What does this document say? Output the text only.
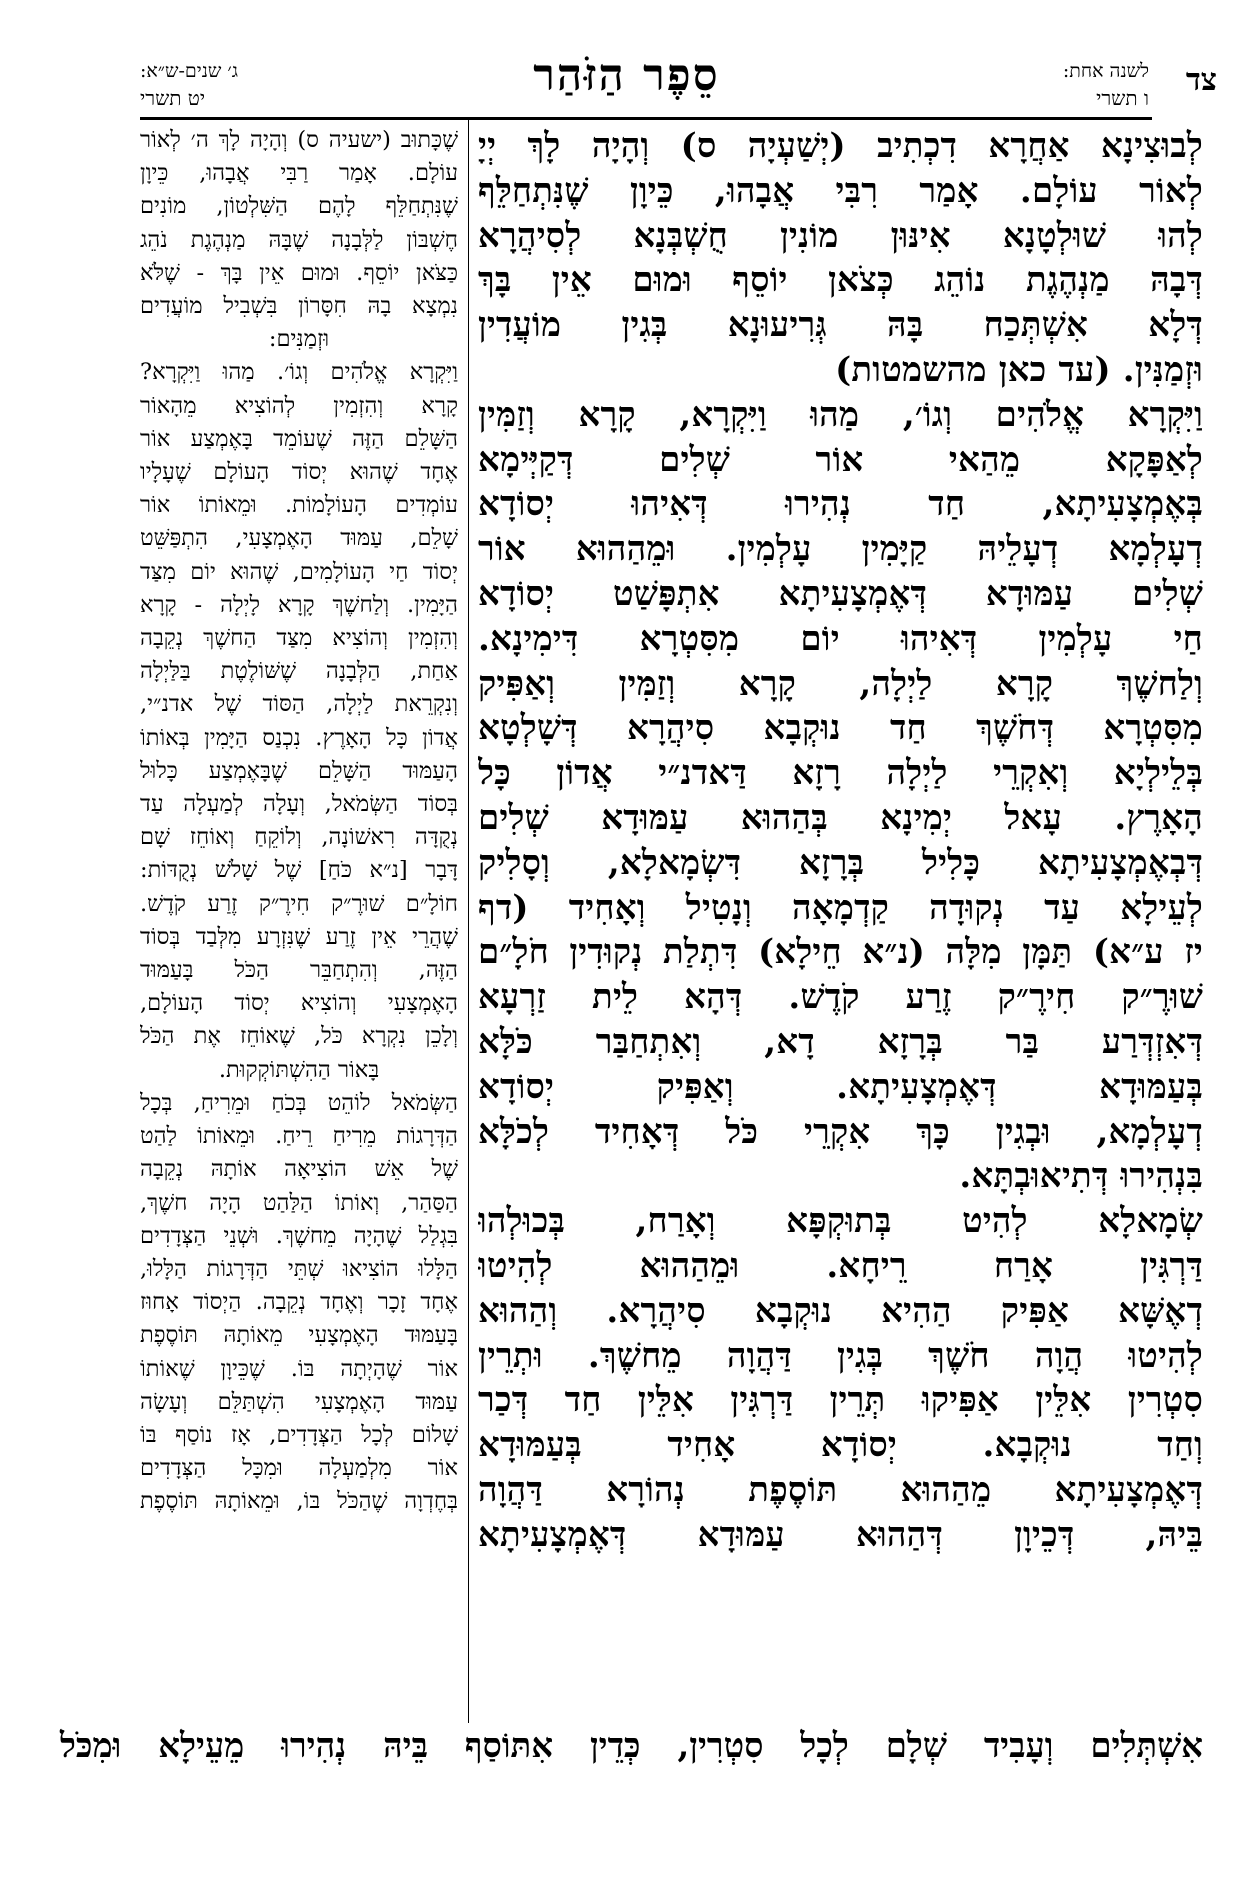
צד
לשנה אחת:
ו תשרי
סֵפֶר הַזֹּהַר
ג׳ שנים-ש״א:
יט תשרי
לְבוּצִינָא אַחֲרָא דִכְתִיב (יְשַׁעְיָה ס) וְהָיָה לָךְ יְיָ
לְאוֹר עוֹלָם. אָמַר רִבִּי אֲבָהוּ, כֵּיוָן שֶׁנִּתְחַלֵּף
לְהוּ שׁוּלְטָנָא אִינּוּן מוֹנִין חֻשְׁבְּנָא לְסִיהֲרָא
דְּבָהּ מַנְהֶגֶת נוֹהֵג כְּצֹאן יוֹסֵף וּמוּם אֵין בָּךְ
דְּלָא אִשְׁתְּכַח בָּהּ גְּרִיעוּנָא בְּגִין מוֹעֲדִין
וּזְמַנִּין. (עד כאן מהשמטות)
וַיִּקְרָא אֱלֹהִים וְגוֹ׳, מַהוּ וַיִּקְרָא, קָרָא וְזַמִּין
לְאַפָּקָא מֵהַאי אוֹר שְׁלִים דְּקַיְּימָא
בְּאֶמְצָעִיתָא, חַד נְהִירוּ דְּאִיהוּ יְסוֹדָא
דְעָלְמָא דְעָלֵיהּ קַיָּמִין עָלְמִין. וּמֵהַהוּא אוֹר
שְׁלִים עַמּוּדָא דְּאֶמְצָעִיתָא אִתְפָּשַׁט יְסוֹדָא
חַי עָלְמִין דְּאִיהוּ יוֹם מִסִּטְרָא דִּימִינָא.
וְלַחשֶׁךְ קָרָא לַיְלָה, קָרָא וְזַמִּין וְאַפִּיק
מִסִּטְרָא דְּחֹשֶׁךְ חַד נוּקְבָא סִיהֲרָא דְּשָׁלְטָא
בְּלֵילְיָא וְאִקְרֵי לַיְלָה רָזָא דַּאדנ״י אֲדוֹן כָּל
הָאָרֶץ. עָאל יְמִינָא בְּהַהוּא עַמּוּדָא שְׁלִים
דְּבְאֶמְצָעִיתָא כָּלִיל בְּרָזָא דִּשְׂמָאלָא, וְסָלִיק
לְעֵילָא עַד נְקוּדָה קַדְמָאָה וְנָטִיל וְאָחִיד (דף
יז ע״א) תַּמָּן מִלָּה (נ״א חֵילָא) דִּתְלַת נְקוּדִין חֹלָ״ם
שׁוּרֶ״ק חִירֶ״ק זֶרַע קֹדֶשׁ. דְּהָא לֵית זַרְעָא
דְּאִזְדְּרַע בַּר בְּרָזָא דָא, וְאִתְחַבַּר כֹּלָּא
בְּעַמּוּדָא דְּאֶמְצָעִיתָא. וְאַפִּיק יְסוֹדָא
דְעָלְמָא, וּבְגִין כָּךְ אִקְרֵי כֹּל דְּאָחִיד לְכֹלָּא
בִּנְהִירוּ דְּתִיאוּבְתָּא.
שְׂמָאלָא לְהִיט בְּתוּקְפָּא וְאָרַח, בְּכוּלְהוּ
דַּרְגִּין אָרַח רֵיחָא. וּמֵהַהוּא לְהִיטוּ
דְאֶשָּׁא אַפִּיק הַהִיא נוּקְבָא סִיהֲרָא. וְהַהוּא
לְהִיטוּ הֲוָה חֹשֶׁךְ בְּגִין דַּהֲוָה מֵחשֶׁךְ. וּתְרֵין
סִטְרִין אִלֵּין אַפִּיקוּ תְּרֵין דַּרְגִּין אִלֵּין חַד דְּכַר
וְחַד נוּקְבָא. יְסוֹדָא אָחִיד בְּעַמּוּדָא
דְּאֶמְצָעִיתָא מֵהַהוּא תּוֹסֶפֶת נְהוֹרָא דַּהֲוָה
בֵּיהּ, דְּכֵיוָן דְּהַהוּא עַמּוּדָא דְּאֶמְצָעִיתָא
שֶׁכָּתוּב (ישעיה ס) וְהָיָה לָךְ ה׳ לְאוֹר
עוֹלָם. אָמַר רַבִּי אֲבָהוּ, כֵּיוָן
שֶׁנִּתְחַלֵּף לָהֶם הַשִּׁלְטוֹן, מוֹנִים
חֶשְׁבּוֹן לַלְּבָנָה שֶׁבָּהּ מַנְהֶגֶת נֹהֵג
כַּצֹּאן יוֹסֵף. וּמוּם אֵין בָּךְ - שֶׁלֹּא
נִמְצָא בָהּ חִסָּרוֹן בִּשְׁבִיל מוֹעֲדִים
וּזְמַנִּים:
וַיִּקְרָא אֱלֹהִים וְגוֹ׳. מַהוּ וַיִּקְרָא?
קָרָא וְהִזְמִין לְהוֹצִיא מֵהָאוֹר
הַשָּׁלֵם הַזֶּה שֶׁעוֹמֵד בָּאֶמְצַע אוֹר
אֶחָד שֶׁהוּא יְסוֹד הָעוֹלָם שֶׁעָלָיו
עוֹמְדִים הָעוֹלָמוֹת. וּמֵאוֹתוֹ אוֹר
שָׁלֵם, עַמּוּד הָאֶמְצָעִי, הִתְפַּשֵּׁט
יְסוֹד חַי הָעוֹלָמִים, שֶׁהוּא יוֹם מִצַּד
הַיָּמִין. וְלַחשֶׁךְ קָרָא לָיְלָה - קָרָא
וְהִזְמִין וְהוֹצִיא מִצַּד הַחשֶׁךְ נְקֵבָה
אַחַת, הַלְּבָנָה שֶׁשּׁוֹלֶטֶת בַּלַּיְלָה
וְנִקְרֵאת לַיְלָה, הַסּוֹד שֶׁל אדנ״י,
אֲדוֹן כָּל הָאָרֶץ. נִכְנַס הַיָּמִין בְּאוֹתוֹ
הָעַמּוּד הַשָּׁלֵם שֶׁבָּאֶמְצַע כָּלוּל
בְּסוֹד הַשְּׂמֹאל, וְעָלָה לְמַעְלָה עַד
נְקֻדָּה רִאשׁוֹנָה, וְלוֹקֵחַ וְאוֹחֵז שָׁם
דָּבָר [נ״א כֹּחַ] שֶׁל שָׁלֹשׁ נְקֻדּוֹת:
חוֹלָ״ם שׁוּרֶ״ק חִירֶ״ק זֶרַע קֹדֶשׁ.
שֶׁהֲרֵי אֵין זֶרַע שֶׁנִּזְרָע מִלְּבַד בְּסוֹד
הַזֶּה, וְהִתְחַבֵּר הַכֹּל בָּעַמּוּד
הָאֶמְצָעִי וְהוֹצִיא יְסוֹד הָעוֹלָם,
וְלָכֵן נִקְרָא כֹּל, שֶׁאוֹחֵז אֶת הַכֹּל
בָּאוֹר הַהִשְׁתּוֹקְקוּת.
הַשְּׂמֹאל לוֹהֵט בְּכֹחַ וּמֵרִיחַ, בְּכָל
הַדְּרָגוֹת מֵרִיחַ רֵיחַ. וּמֵאוֹתוֹ לַהַט
שֶׁל אֵשׁ הוֹצִיאָה אוֹתָהּ נְקֵבָה
הַסַּהַר, וְאוֹתוֹ הַלַּהַט הָיָה חשֶׁךְ,
בִּגְלַל שֶׁהָיָה מֵחשֶׁךְ. וּשְׁנֵי הַצְּדָדִים
הַלָּלוּ הוֹצִיאוּ שְׁתֵּי הַדְּרָגוֹת הַלָּלוּ,
אֶחָד זָכָר וְאֶחָד נְקֵבָה. הַיְסוֹד אָחוּז
בָּעַמּוּד הָאֶמְצָעִי מֵאוֹתָהּ תּוֹסֶפֶת
אוֹר שֶׁהָיְתָה בּוֹ. שֶׁכֵּיוָן שֶׁאוֹתוֹ
עַמּוּד הָאֶמְצָעִי הִשְׁתַּלֵּם וְעָשָׂה
שָׁלוֹם לְכָל הַצְּדָדִים, אָז נוֹסַף בּוֹ
אוֹר מִלְמַעְלָה וּמִכָּל הַצְּדָדִים
בְּחֶדְוָה שֶׁהַכֹּל בּוֹ, וּמֵאוֹתָהּ תּוֹסֶפֶת
אִשְׁתְּלִים וְעָבִיד שְׁלָם לְכָל סִטְרִין, כְּדֵין אִתּוֹסַף בֵּיהּ נְהִירוּ מֵעֵילָא וּמִכֹּל
